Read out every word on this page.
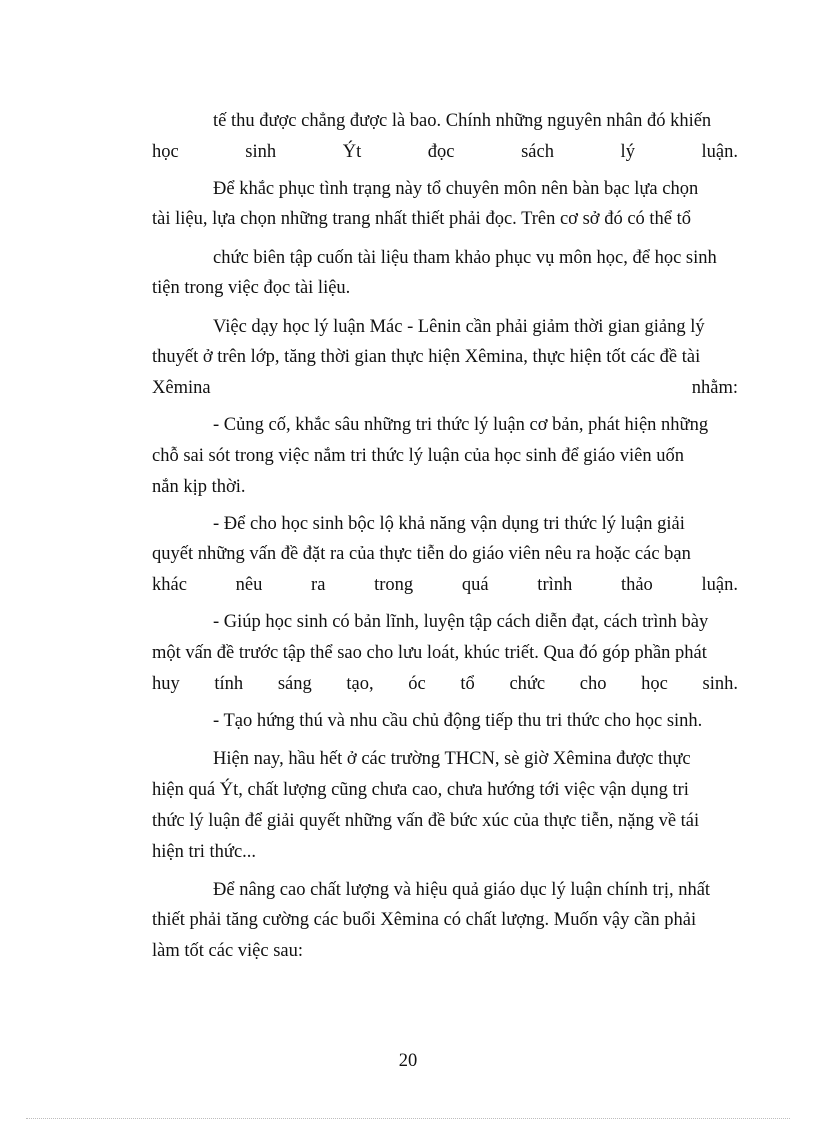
tế thu được chẳng được là bao. Chính những nguyên nhân đó khiến
học sinh Ýt đọc sách lý luận.
Để khắc phục tình trạng này tổ chuyên môn nên bàn bạc lựa chọn
tài liệu, lựa chọn những trang nhất thiết phải đọc. Trên cơ sở đó có thể tổ
chức biên tập cuốn tài liệu tham khảo phục vụ môn học, để học sinh
tiện trong việc đọc tài liệu.
Việc dạy học lý luận Mác - Lênin cần phải giảm thời gian giảng lý
thuyết ở trên lớp, tăng thời gian thực hiện Xêmina, thực hiện tốt các đề tài
Xêmina nhằm:
- Củng cố, khắc sâu những tri thức lý luận cơ bản, phát hiện những
chỗ sai sót trong việc nắm tri thức lý luận của học sinh để giáo viên uốn
nắn kịp thời.
- Để cho học sinh bộc lộ khả năng vận dụng tri thức lý luận giải
quyết những vấn đề đặt ra của thực tiễn do giáo viên nêu ra hoặc các bạn
khác nêu ra trong quá trình thảo luận.
- Giúp học sinh có bản lĩnh, luyện tập cách diễn đạt, cách trình bày
một vấn đề trước tập thể sao cho lưu loát, khúc triết. Qua đó góp phần phát
huy tính sáng tạo, óc tổ chức cho học sinh.
- Tạo hứng thú và nhu cầu chủ động tiếp thu tri thức cho học sinh.
Hiện nay, hầu hết ở các trường THCN, sè giờ Xêmina được thực
hiện quá Ýt, chất lượng cũng chưa cao, chưa hướng tới việc vận dụng tri
thức lý luận để giải quyết những vấn đề bức xúc của thực tiễn, nặng về tái
hiện tri thức...
Để nâng cao chất lượng và hiệu quả giáo dục lý luận chính trị, nhất
thiết phải tăng cường các buổi Xêmina có chất lượng. Muốn vậy cần phải
làm tốt các việc sau:
20
